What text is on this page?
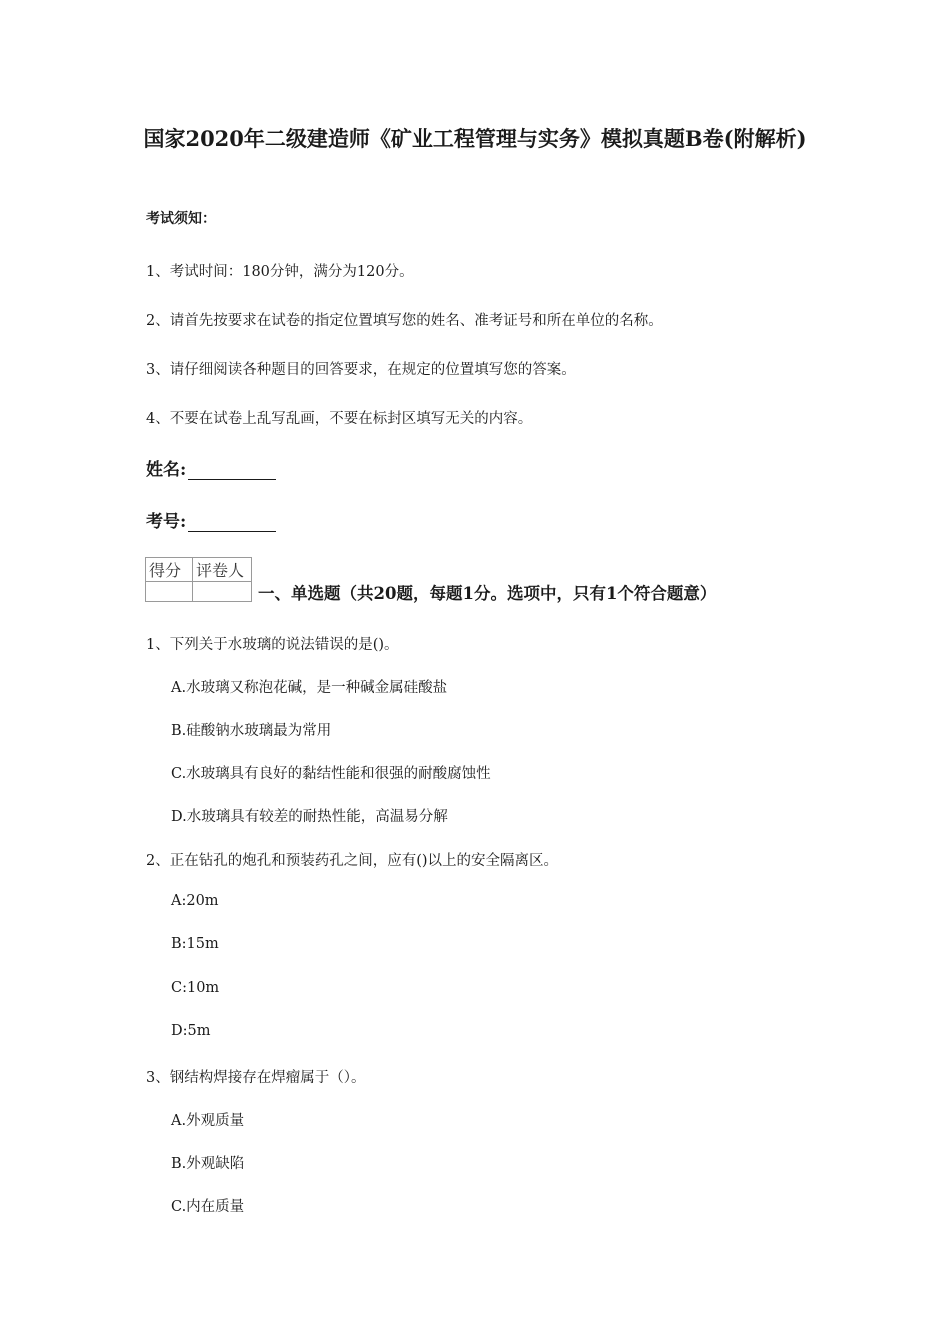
国家2020年二级建造师《矿业工程管理与实务》模拟真题B卷(附解析)
考试须知：
1、考试时间：180分钟，满分为120分。
2、请首先按要求在试卷的指定位置填写您的姓名、准考证号和所在单位的名称。
3、请仔细阅读各种题目的回答要求，在规定的位置填写您的答案。
4、不要在试卷上乱写乱画，不要在标封区填写无关的内容。
姓名:
考号:
得分	评卷人

一、单选题（共20题，每题1分。选项中，只有1个符合题意）
1、下列关于水玻璃的说法错误的是()。
A.水玻璃又称泡花碱，是一种碱金属硅酸盐
B.硅酸钠水玻璃最为常用
C.水玻璃具有良好的黏结性能和很强的耐酸腐蚀性
D.水玻璃具有较差的耐热性能，高温易分解
2、正在钻孔的炮孔和预装药孔之间，应有()以上的安全隔离区。
A:20m
B:15m
C:10m
D:5m
3、钢结构焊接存在焊瘤属于（）。
A.外观质量
B.外观缺陷
C.内在质量
